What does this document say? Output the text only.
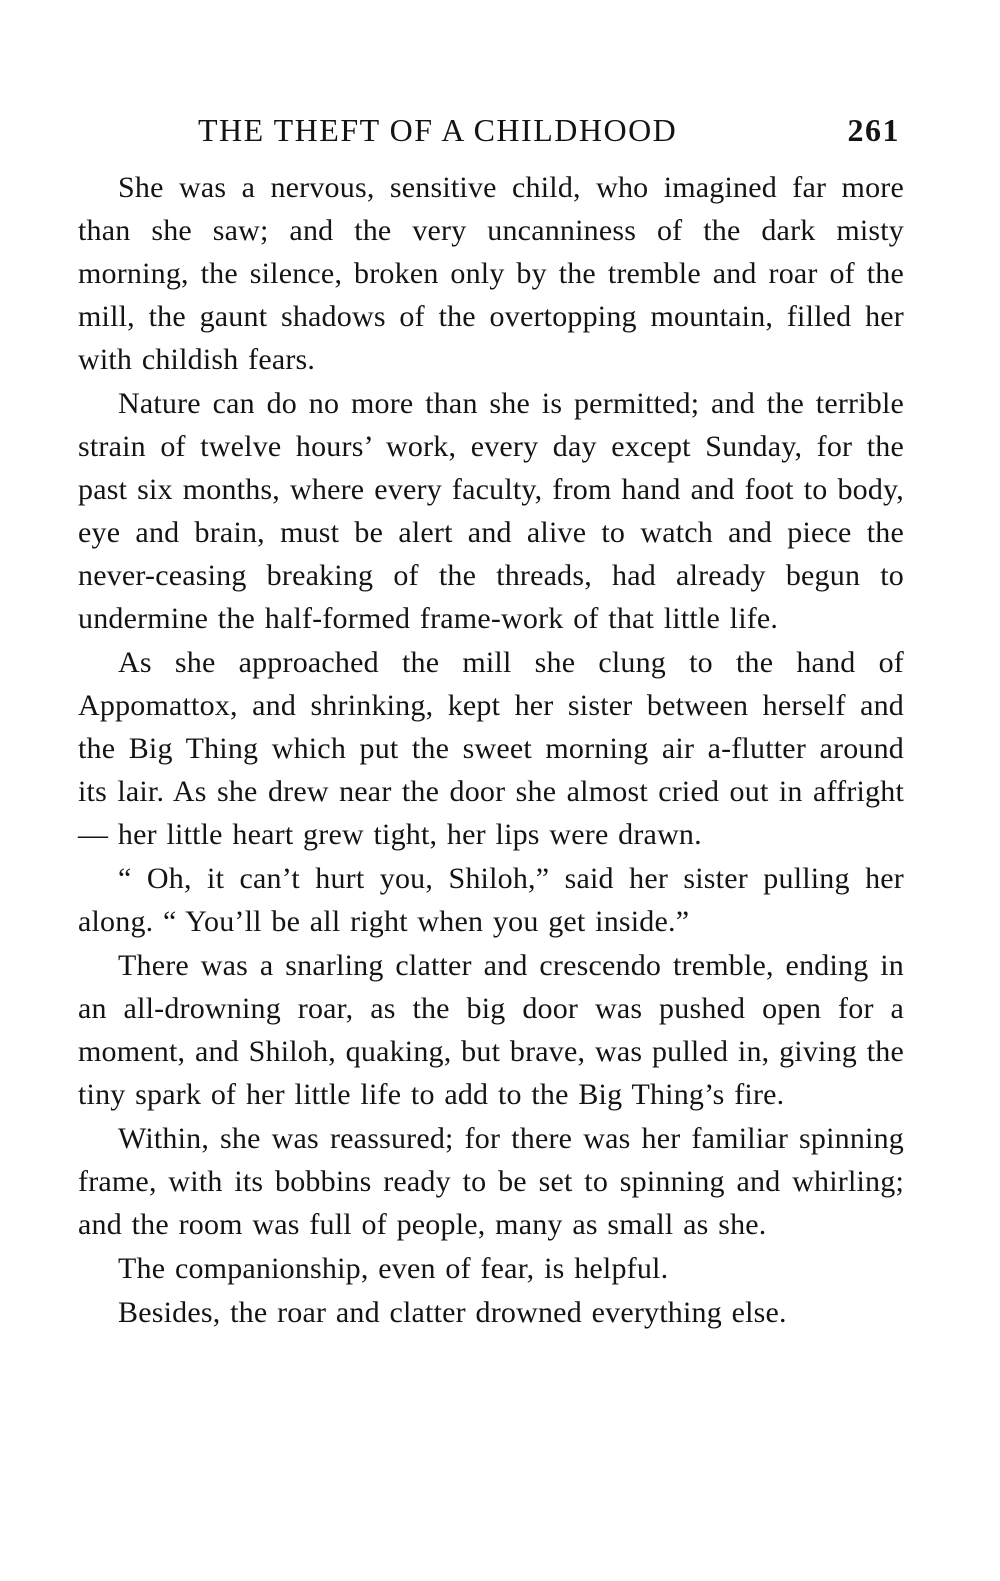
THE THEFT OF A CHILDHOOD	261

She was a nervous, sensitive child, who imagined far more than she saw; and the very uncanniness of the dark misty morning, the silence, broken only by the tremble and roar of the mill, the gaunt shadows of the overtopping mountain, filled her with childish fears.

Nature can do no more than she is permitted; and the terrible strain of twelve hours’ work, every day except Sunday, for the past six months, where every faculty, from hand and foot to body, eye and brain, must be alert and alive to watch and piece the never-ceasing breaking of the threads, had already begun to undermine the half-formed frame-work of that little life.

As she approached the mill she clung to the hand of Appomattox, and shrinking, kept her sister between herself and the Big Thing which put the sweet morning air a-flutter around its lair. As she drew near the door she almost cried out in affright — her little heart grew tight, her lips were drawn.

“ Oh, it can’t hurt you, Shiloh,” said her sister pulling her along. “ You’ll be all right when you get inside.”

There was a snarling clatter and crescendo tremble, ending in an all-drowning roar, as the big door was pushed open for a moment, and Shiloh, quaking, but brave, was pulled in, giving the tiny spark of her little life to add to the Big Thing’s fire.

Within, she was reassured; for there was her familiar spinning frame, with its bobbins ready to be set to spinning and whirling; and the room was full of people, many as small as she.

The companionship, even of fear, is helpful.

Besides, the roar and clatter drowned everything else.
